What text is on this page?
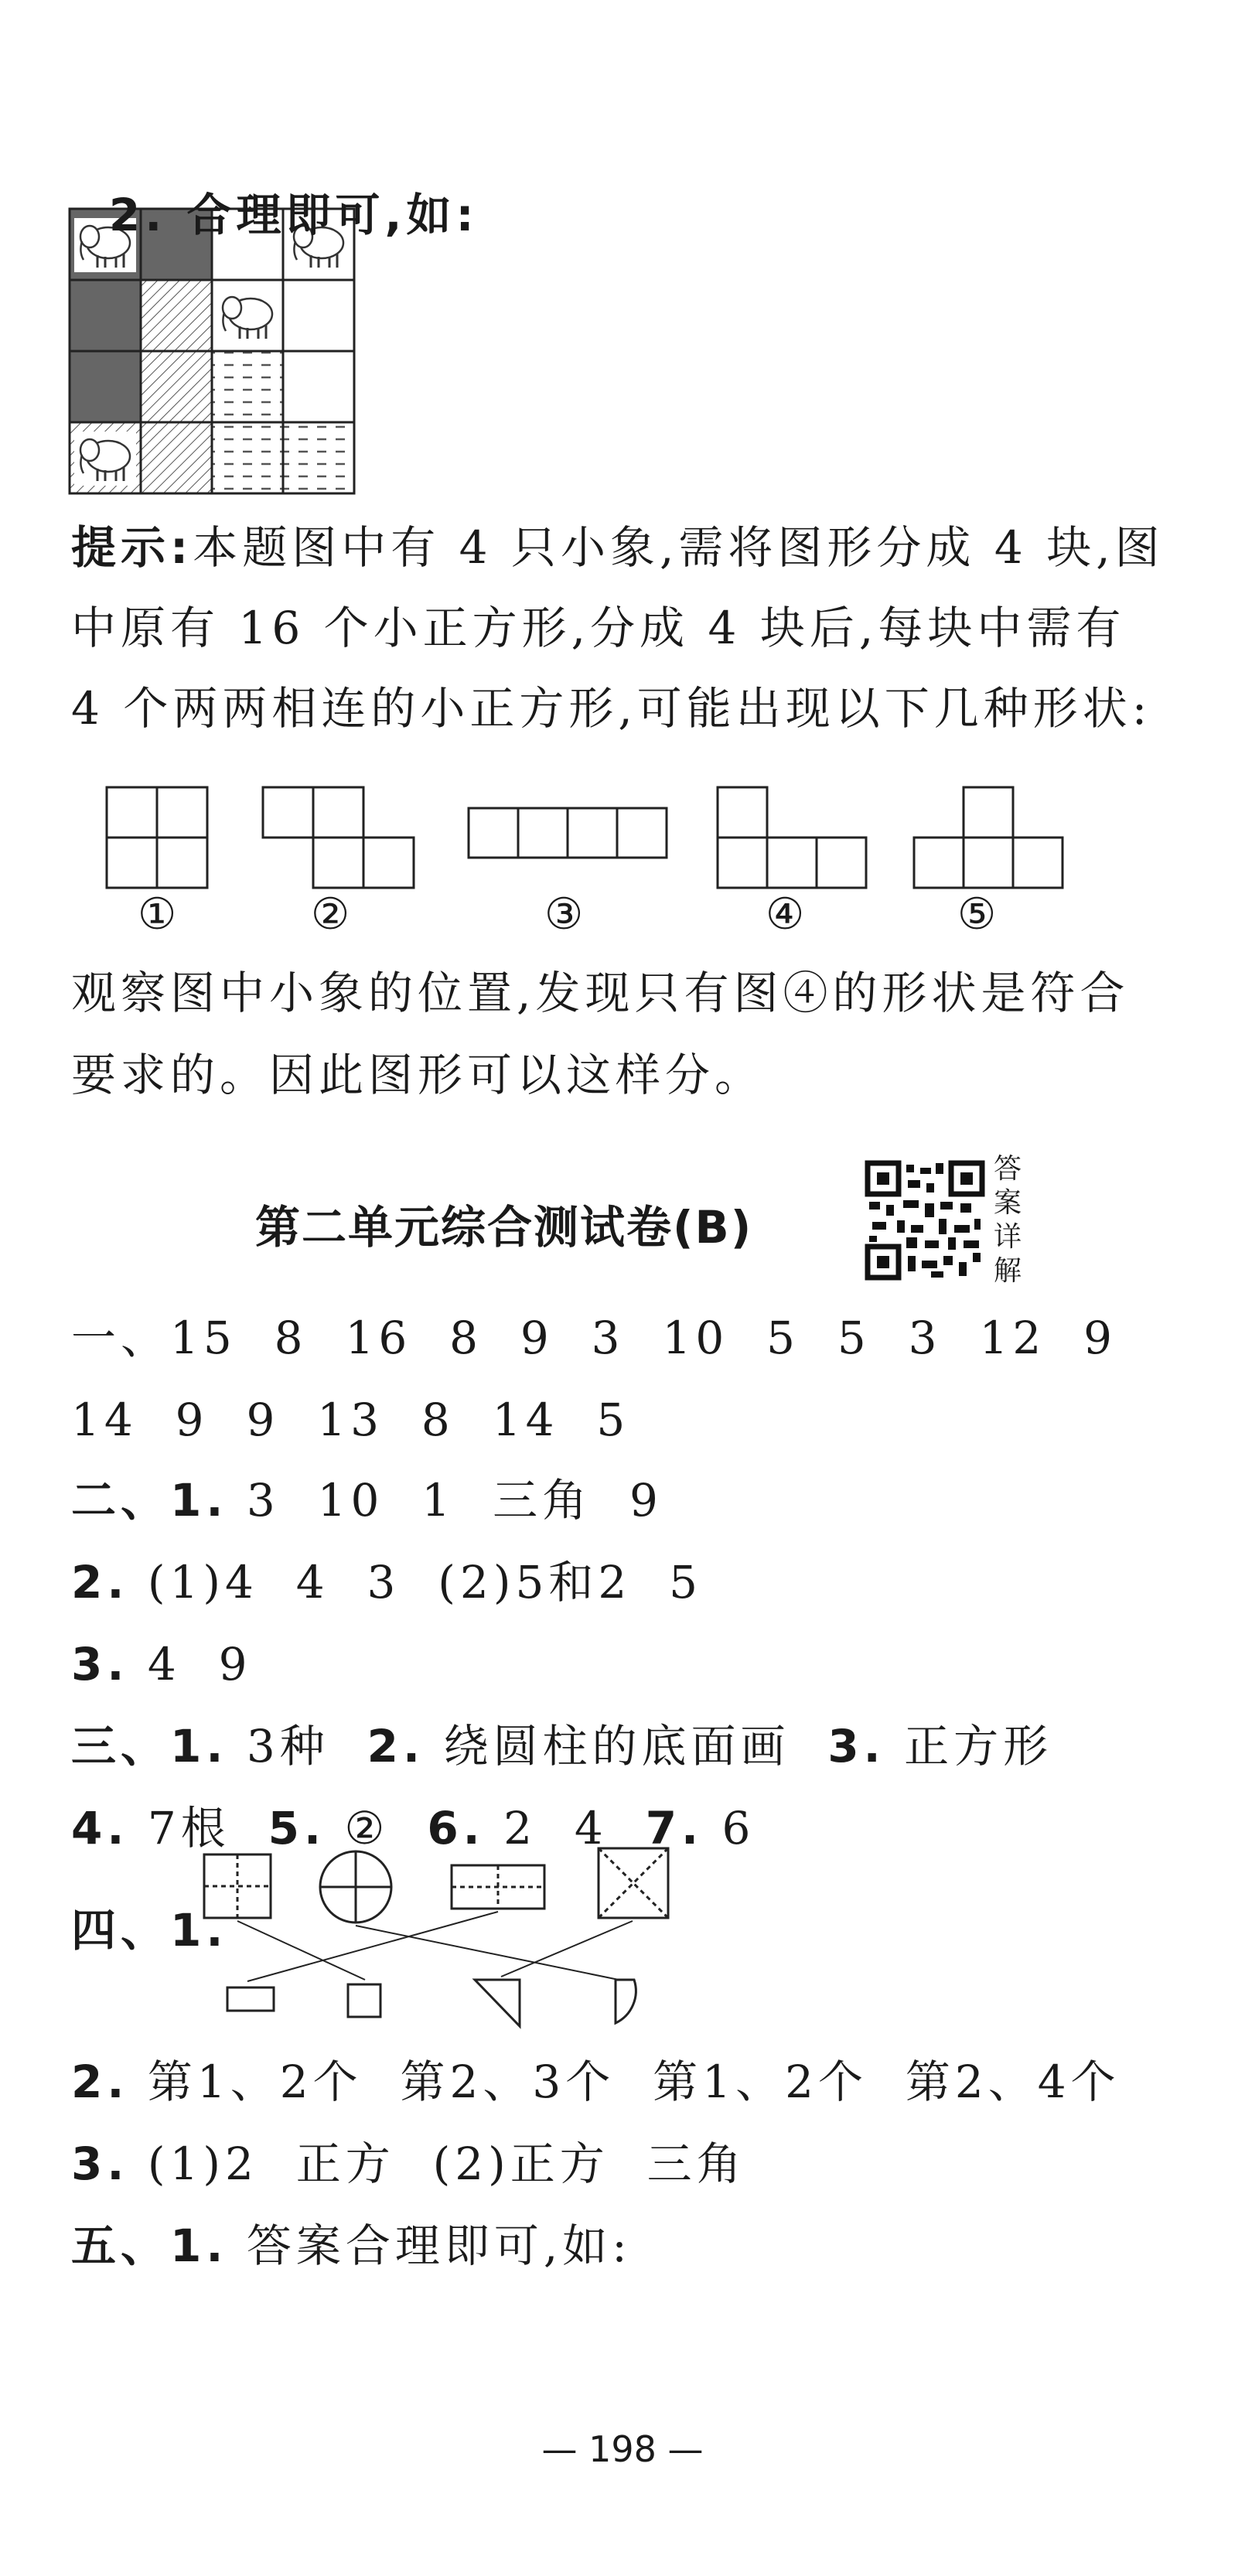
2. 合理即可,如:

提示:本题图中有 4 只小象,需将图形分成 4 块,图
中原有 16 个小正方形,分成 4 块后,每块中需有
4 个两两相连的小正方形,可能出现以下几种形状:
①	②	③	④	⑤
观察图中小象的位置,发现只有图④的形状是符合
要求的。因此图形可以这样分。
第二单元综合测试卷(B)
答
案
详
解
一、15  8  16  8  9  3  10  5  5  3  12  9
14  9  9  13  8  14  5
二、1. 3  10  1  三角  9
2. (1)4  4  3  (2)5和2  5
3. 4  9
三、1. 3种  2. 绕圆柱的底面画  3. 正方形
4. 7根  5. ②  6. 2  4  7. 6
四、1.
2. 第1、2个  第2、3个  第1、2个  第2、4个
3. (1)2  正方  (2)正方  三角
五、1. 答案合理即可,如:
— 198 —
